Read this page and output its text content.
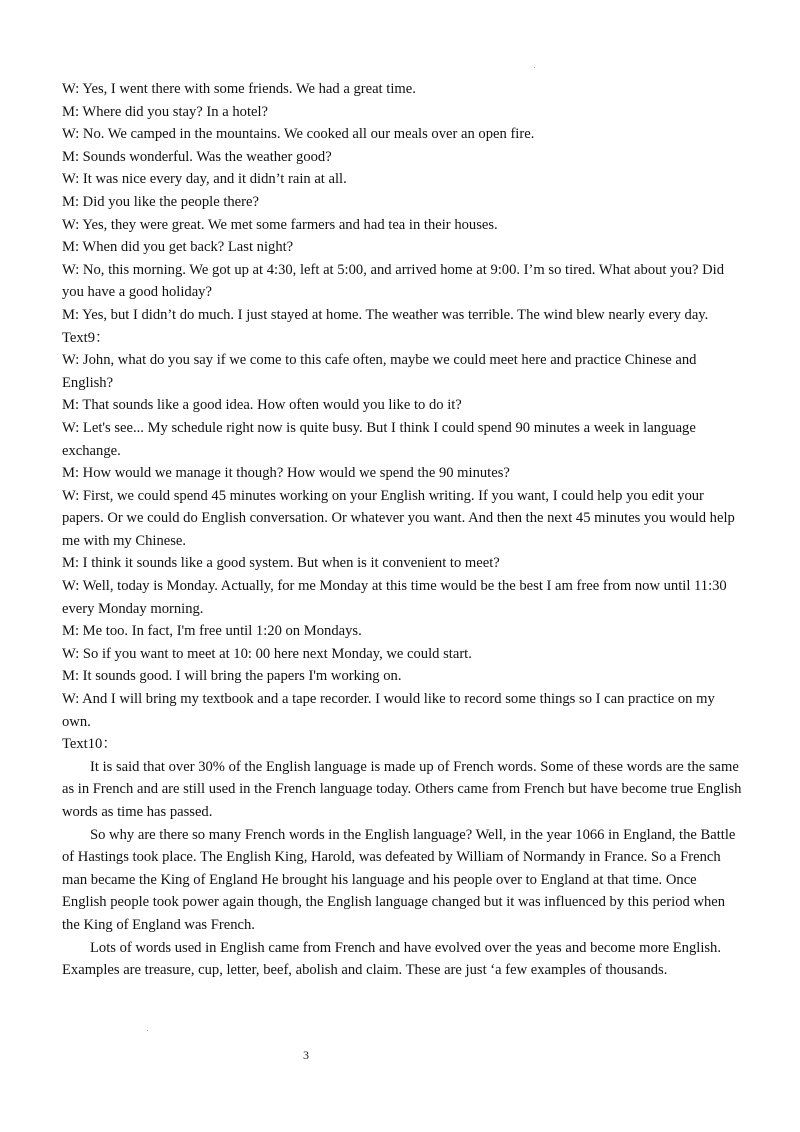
W: Yes, I went there with some friends. We had a great time.
M: Where did you stay? In a hotel?
W: No. We camped in the mountains. We cooked all our meals over an open fire.
M: Sounds wonderful. Was the weather good?
W: It was nice every day, and it didn’t rain at all.
M: Did you like the people there?
W: Yes, they were great. We met some farmers and had tea in their houses.
M: When did you get back? Last night?
W: No, this morning. We got up at 4:30, left at 5:00, and arrived home at 9:00. I’m so tired. What about you? Did you have a good holiday?
M: Yes, but I didn’t do much. I just stayed at home. The weather was terrible. The wind blew nearly every day.
Text9：
W: John, what do you say if we come to this cafe often, maybe we could meet here and practice Chinese and English?
M: That sounds like a good idea. How often would you like to do it?
W: Let's see... My schedule right now is quite busy. But I think I could spend 90 minutes a week in language exchange.
M: How would we manage it though? How would we spend the 90 minutes?
W: First, we could spend 45 minutes working on your English writing. If you want, I could help you edit your papers. Or we could do English conversation. Or whatever you want. And then the next 45 minutes you would help me with my Chinese.
M: I think it sounds like a good system. But when is it convenient to meet?
W: Well, today is Monday. Actually, for me Monday at this time would be the best I am free from now until 11:30 every Monday morning.
M: Me too. In fact, I'm free until 1:20 on Mondays.
W: So if you want to meet at 10: 00 here next Monday, we could start.
M: It sounds good. I will bring the papers I'm working on.
W: And I will bring my textbook and a tape recorder. I would like to record some things so I can practice on my own.
Text10：
It is said that over 30% of the English language is made up of French words. Some of these words are the same as in French and are still used in the French language today. Others came from French but have become true English words as time has passed.
So why are there so many French words in the English language? Well, in the year 1066 in England, the Battle of Hastings took place. The English King, Harold, was defeated by William of Normandy in France. So a French man became the King of England He brought his language and his people over to England at that time. Once English people took power again though, the English language changed but it was influenced by this period when the King of England was French.
Lots of words used in English came from French and have evolved over the yeas and become more English. Examples are treasure, cup, letter, beef, abolish and claim. These are just ‘a few examples of thousands.
3
